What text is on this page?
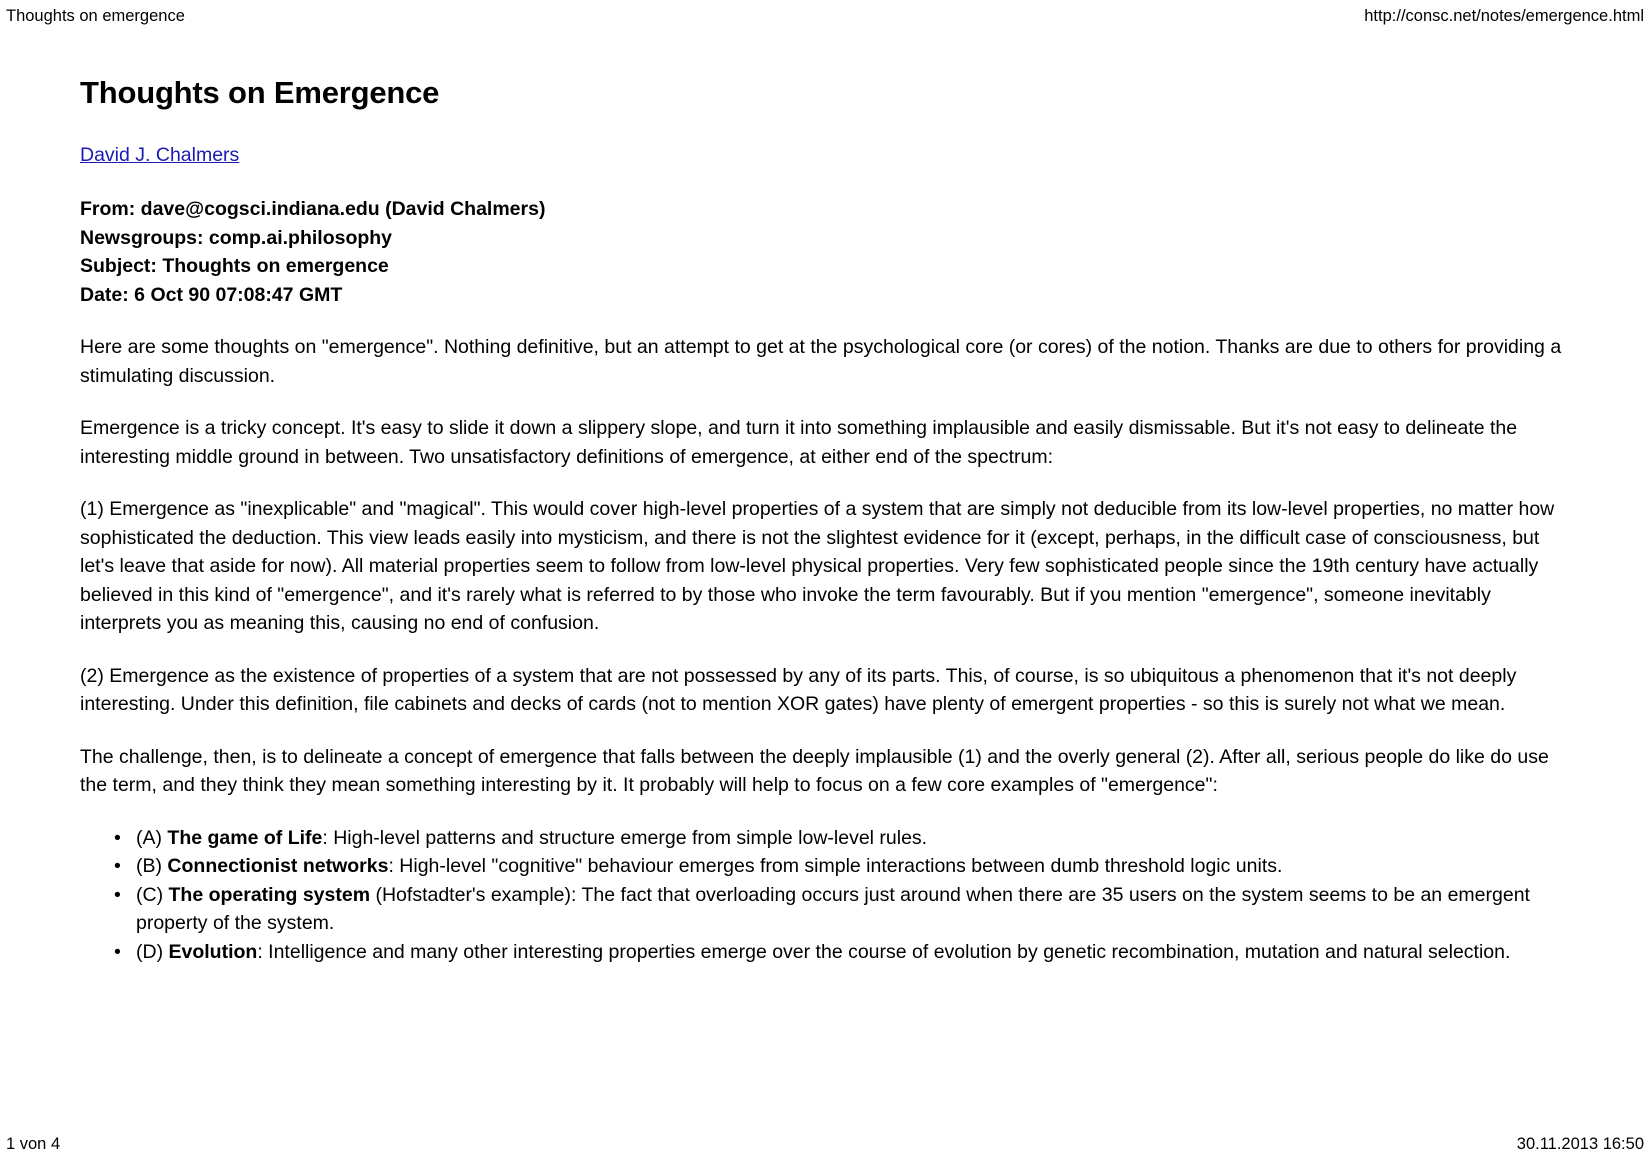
Thoughts on emergence	http://consc.net/notes/emergence.html
Thoughts on Emergence
David J. Chalmers
From: dave@cogsci.indiana.edu (David Chalmers)
Newsgroups: comp.ai.philosophy
Subject: Thoughts on emergence
Date: 6 Oct 90 07:08:47 GMT

Here are some thoughts on "emergence". Nothing definitive, but an attempt to get at the psychological core (or cores) of the notion. Thanks are due to others for providing a stimulating discussion.

Emergence is a tricky concept. It's easy to slide it down a slippery slope, and turn it into something implausible and easily dismissable. But it's not easy to delineate the interesting middle ground in between. Two unsatisfactory definitions of emergence, at either end of the spectrum:

(1) Emergence as "inexplicable" and "magical". This would cover high-level properties of a system that are simply not deducible from its low-level properties, no matter how sophisticated the deduction. This view leads easily into mysticism, and there is not the slightest evidence for it (except, perhaps, in the difficult case of consciousness, but let's leave that aside for now). All material properties seem to follow from low-level physical properties. Very few sophisticated people since the 19th century have actually believed in this kind of "emergence", and it's rarely what is referred to by those who invoke the term favourably. But if you mention "emergence", someone inevitably interprets you as meaning this, causing no end of confusion.

(2) Emergence as the existence of properties of a system that are not possessed by any of its parts. This, of course, is so ubiquitous a phenomenon that it's not deeply interesting. Under this definition, file cabinets and decks of cards (not to mention XOR gates) have plenty of emergent properties - so this is surely not what we mean.

The challenge, then, is to delineate a concept of emergence that falls between the deeply implausible (1) and the overly general (2). After all, serious people do like do use the term, and they think they mean something interesting by it. It probably will help to focus on a few core examples of "emergence":

• (A) The game of Life: High-level patterns and structure emerge from simple low-level rules.
• (B) Connectionist networks: High-level "cognitive" behaviour emerges from simple interactions between dumb threshold logic units.
• (C) The operating system (Hofstadter's example): The fact that overloading occurs just around when there are 35 users on the system seems to be an emergent property of the system.
• (D) Evolution: Intelligence and many other interesting properties emerge over the course of evolution by genetic recombination, mutation and natural selection.
1 von 4	30.11.2013 16:50
